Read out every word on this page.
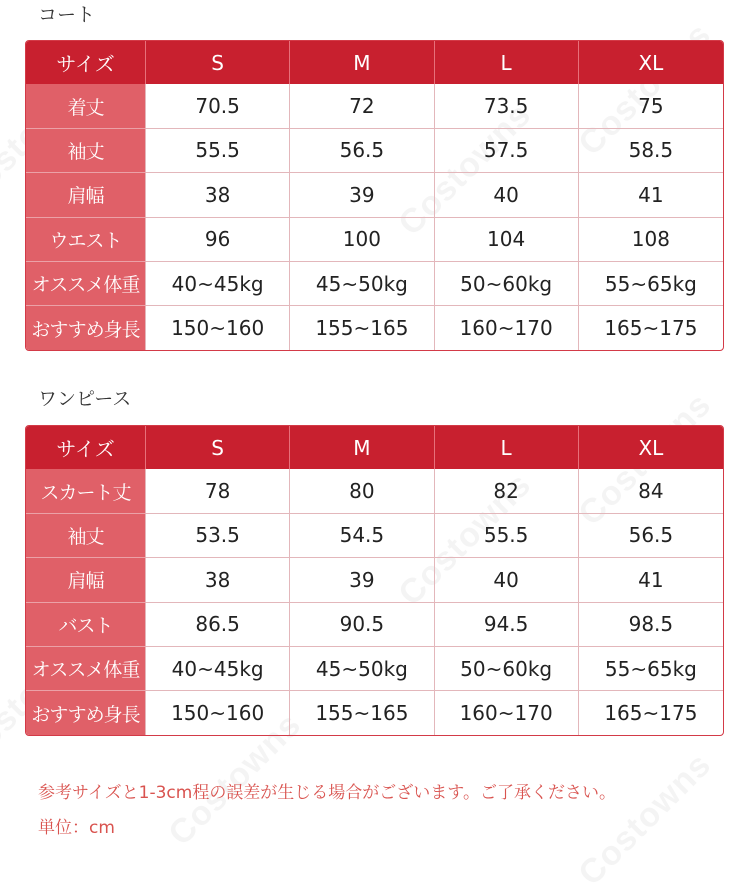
コート
サイズ	S	M	L	XL
着丈	70.5	72	73.5	75
袖丈	55.5	56.5	57.5	58.5
肩幅	38	39	40	41
ウエスト	96	100	104	108
オススメ体重	40~45kg	45~50kg	50~60kg	55~65kg
おすすめ身長	150~160	155~165	160~170	165~175
ワンピース
サイズ	S	M	L	XL
スカート丈	78	80	82	84
袖丈	53.5	54.5	55.5	56.5
肩幅	38	39	40	41
バスト	86.5	90.5	94.5	98.5
オススメ体重	40~45kg	45~50kg	50~60kg	55~65kg
おすすめ身長	150~160	155~165	160~170	165~175
参考サイズと1-3cm程の誤差が生じる場合がございます。ご了承ください。
単位：cm
